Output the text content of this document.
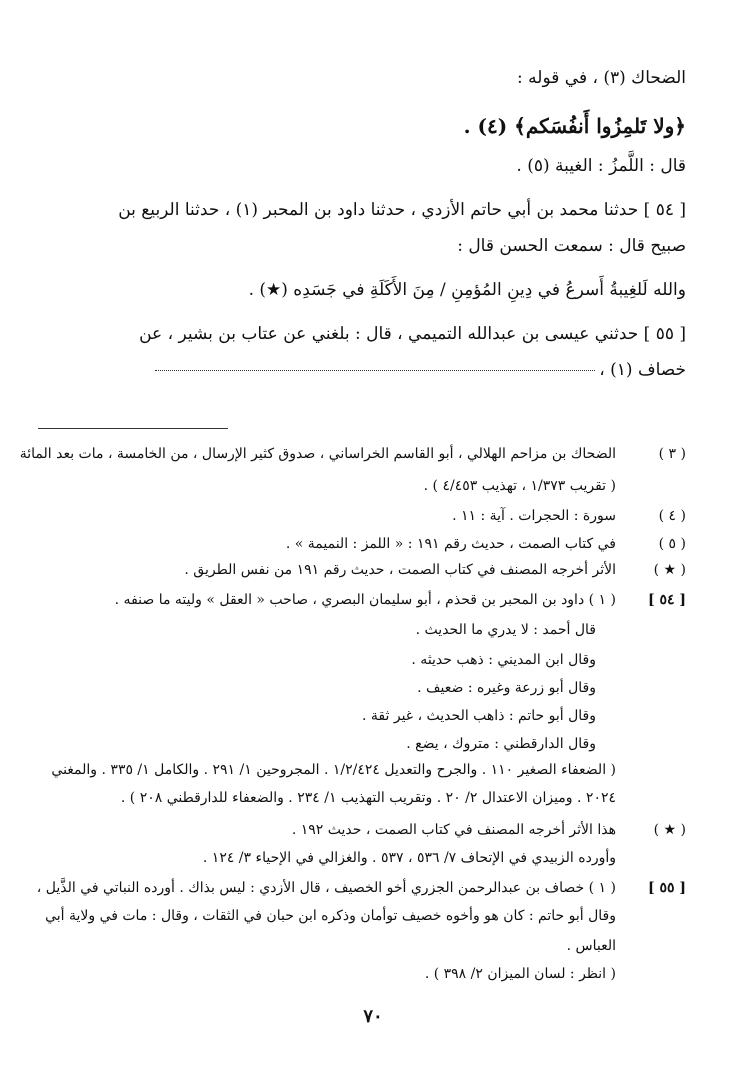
الضحاك (٣) ، في قوله :
﴿ولا تَلمِزُوا أَنفُسَكم﴾ (٤) .
قال : اللَّمزُ : الغيبة (٥) .
[ ٥٤ ] حدثنا محمد بن أبي حاتم الأزدي ، حدثنا داود بن المحبر (١) ، حدثنا الربيع بن
صبيح قال : سمعت الحسن قال :
والله لَلغِيبةُ أَسرعُ في دِينِ المُؤمِنِ / مِنَ الأَكَلَةِ في جَسَدِه (★) .
[ ٥٥ ] حدثني عيسى بن عبدالله التميمي ، قال : بلغني عن عتاب بن بشير ، عن
خصاف (١) ،
( ٣ )
الضحاك بن مزاحم الهلالي ، أبو القاسم الخراساني ، صدوق كثير الإرسال ، من الخامسة ، مات بعد المائة
( تقريب ١/٣٧٣ ، تهذيب ٤/٤٥٣ ) .
( ٤ )
سورة : الحجرات . آية : ١١ .
( ٥ )
في كتاب الصمت ، حديث رقم ١٩١ : « اللمز : النميمة » .
( ★ )
الأثر أخرجه المصنف في كتاب الصمت ، حديث رقم ١٩١ من نفس الطريق .
[ ٥٤ ]
( ١ ) داود بن المحبر بن قحذم ، أبو سليمان البصري ، صاحب « العقل » وليته ما صنفه .
قال أحمد : لا يدري ما الحديث .
وقال ابن المديني : ذهب حديثه .
وقال أبو زرعة وغيره : ضعيف .
وقال أبو حاتم : ذاهب الحديث ، غير ثقة .
وقال الدارقطني : متروك ، يضع .
( الضعفاء الصغير ١١٠ . والجرح والتعديل ١/٢/٤٢٤ . المجروحين ١/ ٢٩١ . والكامل ١/ ٣٣٥ . والمغني
٢٠٢٤ . وميزان الاعتدال ٢/ ٢٠ . وتقريب التهذيب ١/ ٢٣٤ . والضعفاء للدارقطني ٢٠٨ ) .
( ★ )
هذا الأثر أخرجه المصنف في كتاب الصمت ، حديث ١٩٢ .
وأورده الزبيدي في الإتحاف ٧/ ٥٣٦ ، ٥٣٧ . والغزالي في الإحياء ٣/ ١٢٤ .
[ ٥٥ ]
( ١ ) خصاف بن عبدالرحمن الجزري أخو الخصيف ، قال الأزدي : ليس بذاك . أورده النباتي في الذَّيل ،
وقال أبو حاتم : كان هو وأخوه خصيف توأمان وذكره ابن حبان في الثقات ، وقال : مات في ولاية أبي
العباس .
( انظر : لسان الميزان ٢/ ٣٩٨ ) .
٧٠
